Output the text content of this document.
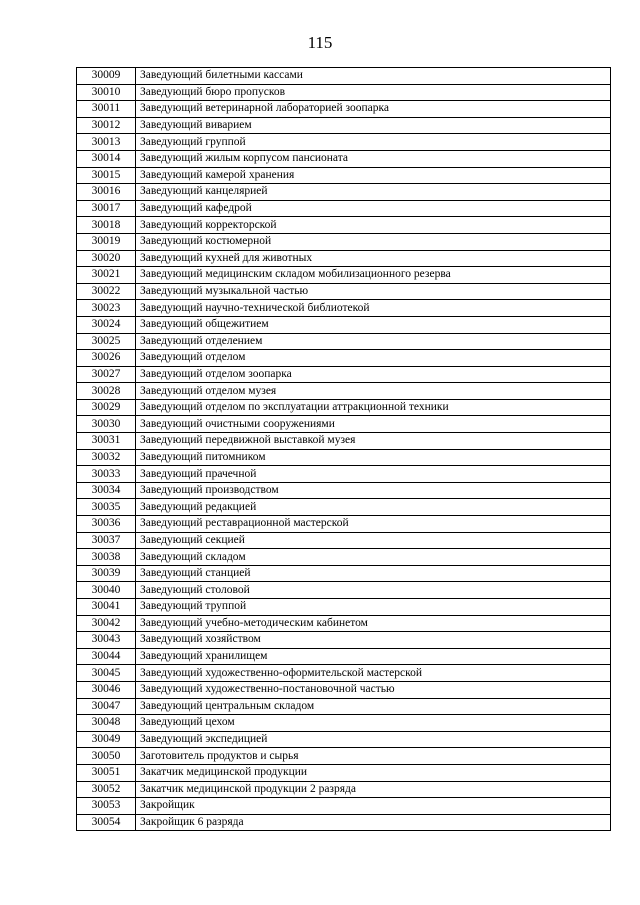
115
30009	Заведующий билетными кассами
30010	Заведующий бюро пропусков
30011	Заведующий ветеринарной лабораторией зоопарка
30012	Заведующий виварием
30013	Заведующий группой
30014	Заведующий жилым корпусом пансионата
30015	Заведующий камерой хранения
30016	Заведующий канцелярией
30017	Заведующий кафедрой
30018	Заведующий корректорской
30019	Заведующий костюмерной
30020	Заведующий кухней для животных
30021	Заведующий медицинским складом мобилизационного резерва
30022	Заведующий музыкальной частью
30023	Заведующий научно-технической библиотекой
30024	Заведующий общежитием
30025	Заведующий отделением
30026	Заведующий отделом
30027	Заведующий отделом зоопарка
30028	Заведующий отделом музея
30029	Заведующий отделом по эксплуатации аттракционной техники
30030	Заведующий очистными сооружениями
30031	Заведующий передвижной выставкой музея
30032	Заведующий питомником
30033	Заведующий прачечной
30034	Заведующий производством
30035	Заведующий редакцией
30036	Заведующий реставрационной мастерской
30037	Заведующий секцией
30038	Заведующий складом
30039	Заведующий станцией
30040	Заведующий столовой
30041	Заведующий труппой
30042	Заведующий учебно-методическим кабинетом
30043	Заведующий хозяйством
30044	Заведующий хранилищем
30045	Заведующий художественно-оформительской мастерской
30046	Заведующий художественно-постановочной частью
30047	Заведующий центральным складом
30048	Заведующий цехом
30049	Заведующий экспедицией
30050	Заготовитель продуктов и сырья
30051	Закатчик медицинской продукции
30052	Закатчик медицинской продукции 2 разряда
30053	Закройщик
30054	Закройщик 6 разряда
